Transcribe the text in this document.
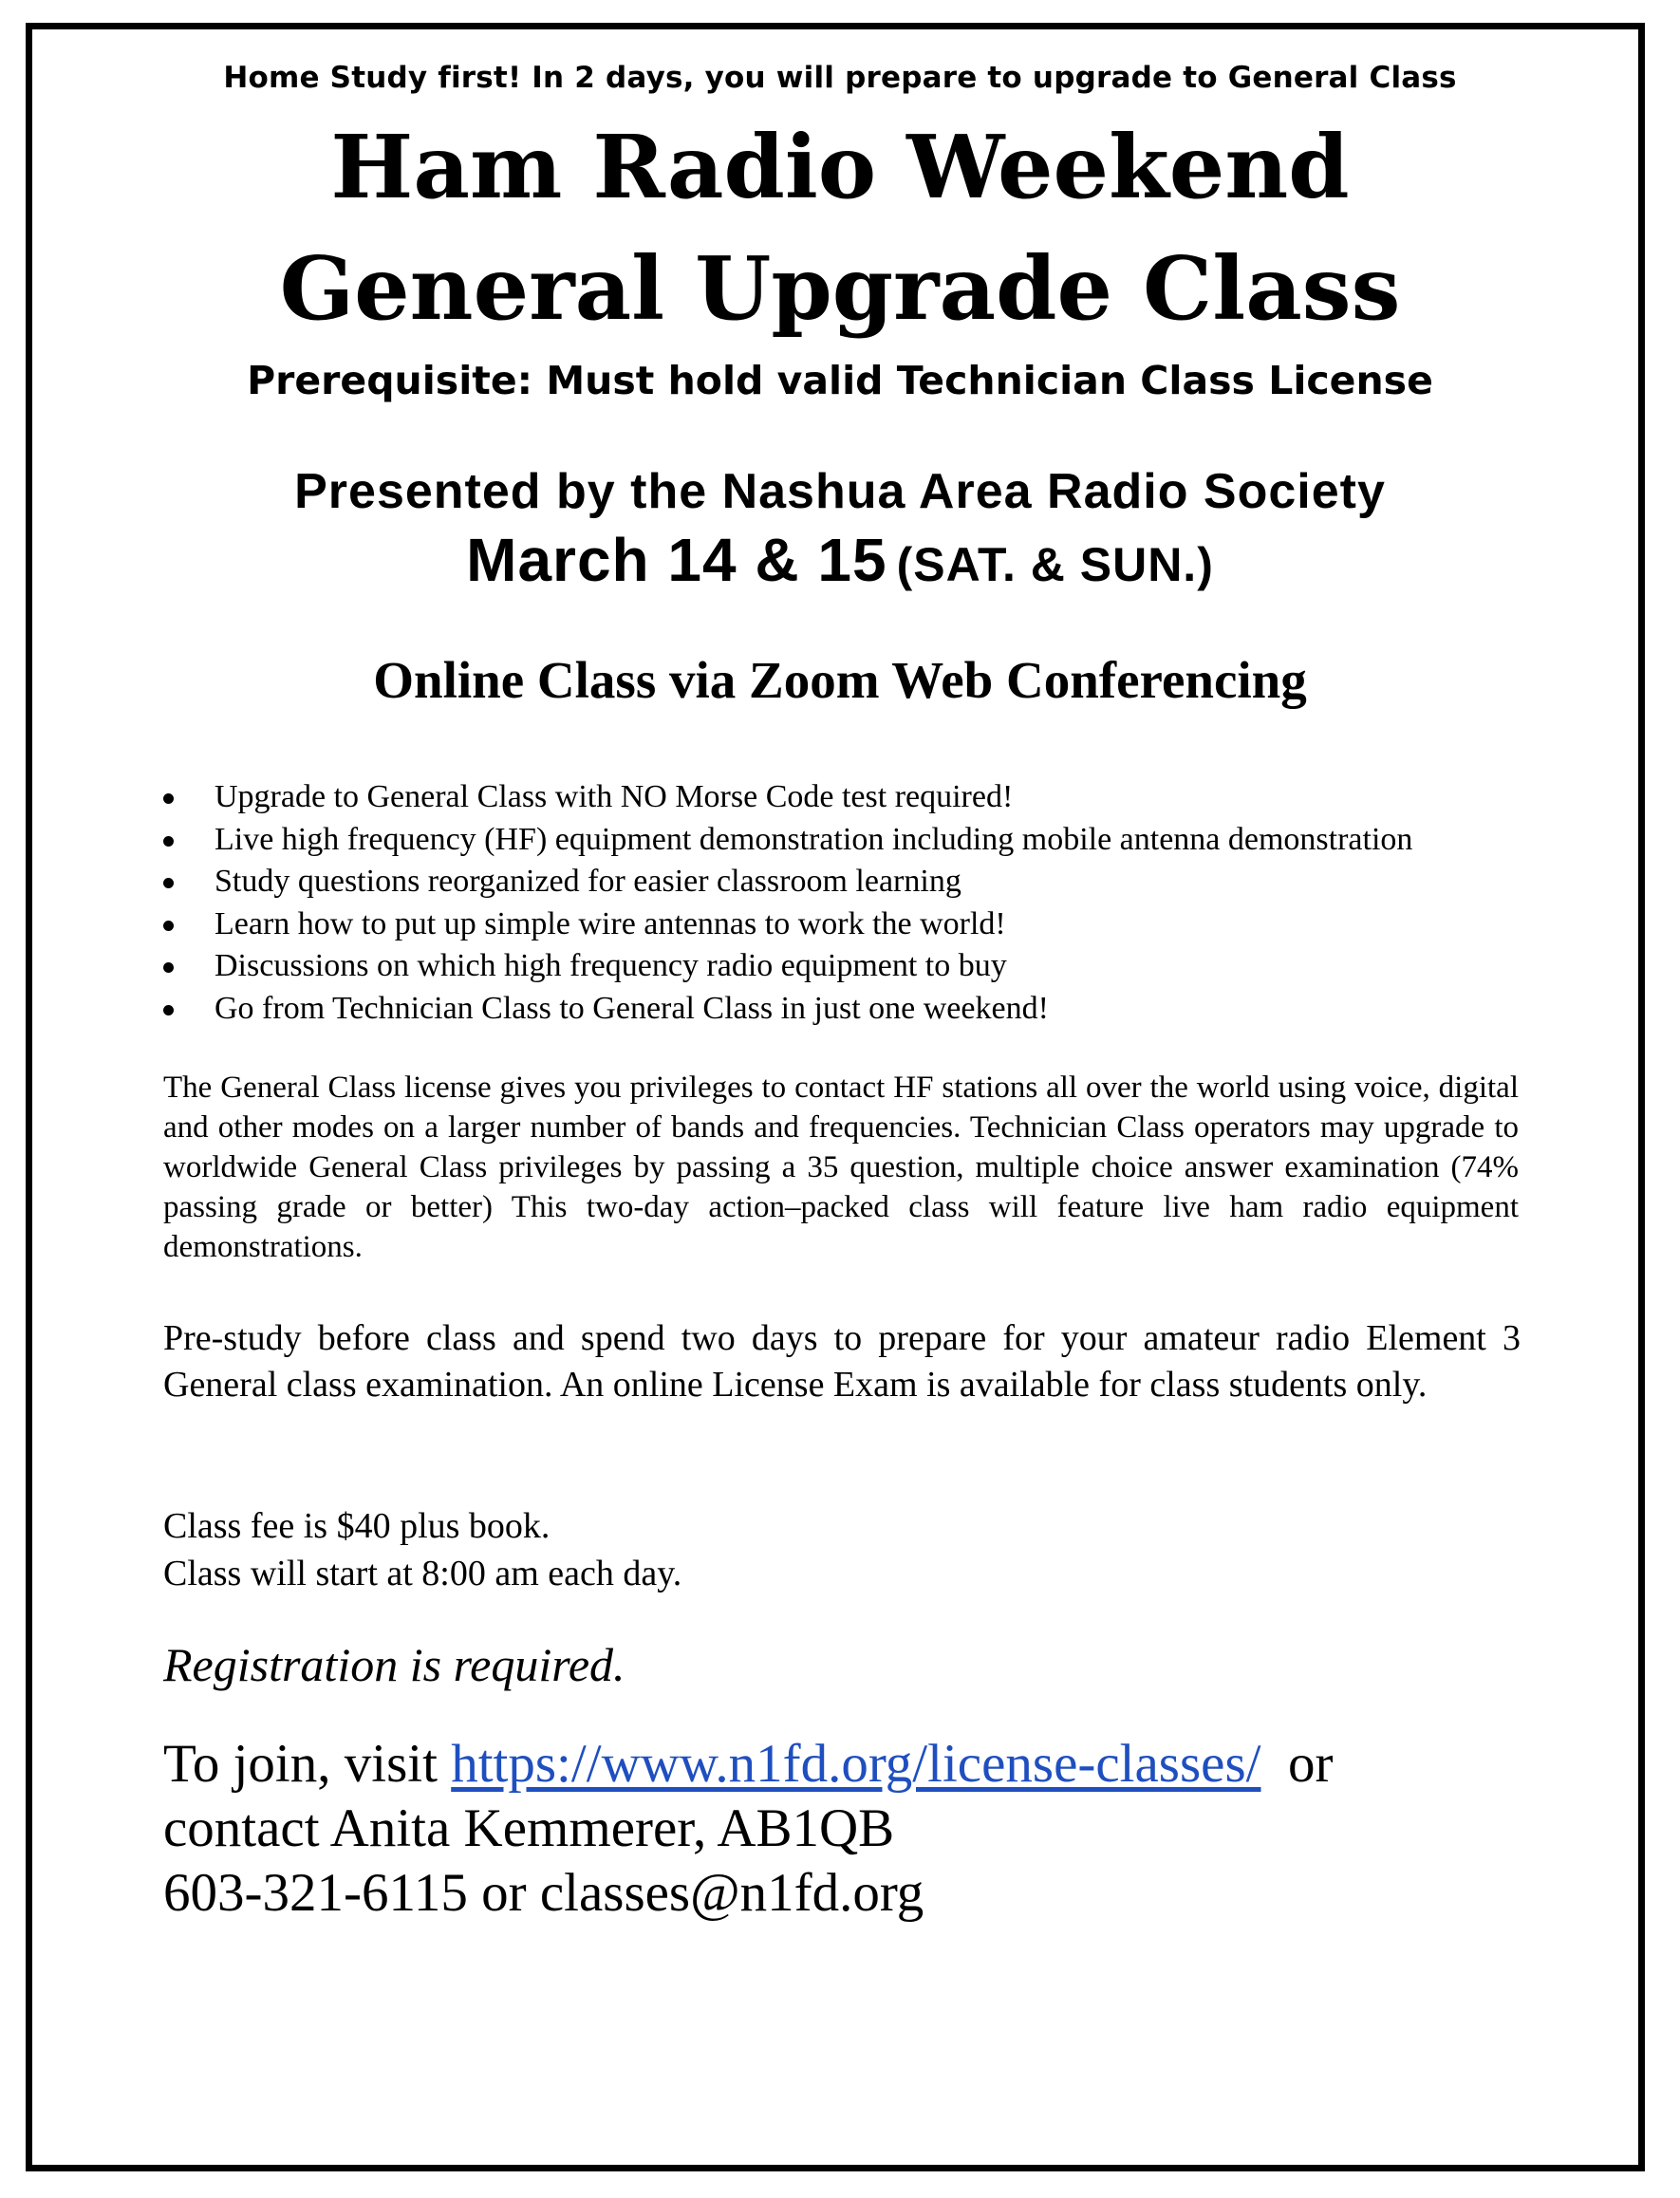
Home Study first! In 2 days, you will prepare to upgrade to General Class
Ham Radio Weekend
General Upgrade Class
Prerequisite: Must hold valid Technician Class License
Presented by the Nashua Area Radio Society
March 14 & 15 (SAT. & SUN.)
Online Class via Zoom Web Conferencing
Upgrade to General Class with NO Morse Code test required!
Live high frequency (HF) equipment demonstration including mobile antenna demonstration
Study questions reorganized for easier classroom learning
Learn how to put up simple wire antennas to work the world!
Discussions on which high frequency radio equipment to buy
Go from Technician Class to General Class in just one weekend!
The General Class license gives you privileges to contact HF stations all over the world using voice, digital and other modes on a larger number of bands and frequencies. Technician Class operators may upgrade to worldwide General Class privileges by passing a 35 question, multiple choice answer examination (74% passing grade or better) This two-day action–packed class will feature live ham radio equipment demonstrations.
Pre-study before class and spend two days to prepare for your amateur radio Element 3 General class examination. An online License Exam is available for class students only.
Class fee is $40 plus book.
Class will start at 8:00 am each day.
Registration is required.
To join, visit https://www.n1fd.org/license-classes/ or
contact Anita Kemmerer, AB1QB
603-321-6115 or classes@n1fd.org
